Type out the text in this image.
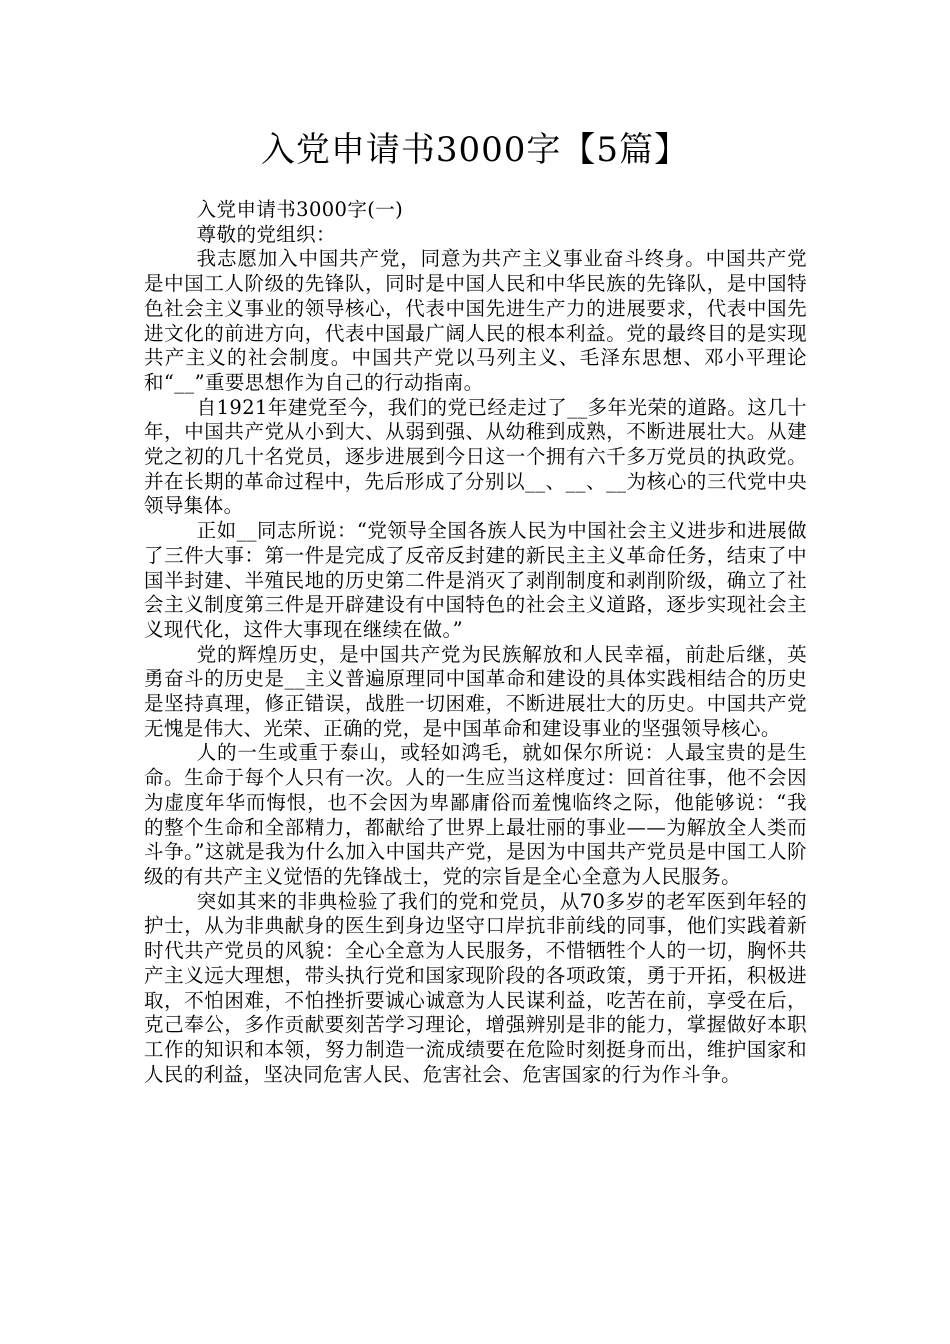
入党申请书3000字【5篇】

入党申请书3000字(一)

尊敬的党组织：

我志愿加入中国共产党，同意为共产主义事业奋斗终身。中国共产党是中国工人阶级的先锋队，同时是中国人民和中华民族的先锋队，是中国特色社会主义事业的领导核心，代表中国先进生产力的进展要求，代表中国先进文化的前进方向，代表中国最广阔人民的根本利益。党的最终目的是实现共产主义的社会制度。中国共产党以马列主义、毛泽东思想、邓小平理论和“__”重要思想作为自己的行动指南。

自1921年建党至今，我们的党已经走过了__多年光荣的道路。这几十年，中国共产党从小到大、从弱到强、从幼稚到成熟，不断进展壮大。从建党之初的几十名党员，逐步进展到今日这一个拥有六千多万党员的执政党。并在长期的革命过程中，先后形成了分别以__、__、__为核心的三代党中央领导集体。

正如__同志所说：“党领导全国各族人民为中国社会主义进步和进展做了三件大事：第一件是完成了反帝反封建的新民主主义革命任务，结束了中国半封建、半殖民地的历史第二件是消灭了剥削制度和剥削阶级，确立了社会主义制度第三件是开辟建设有中国特色的社会主义道路，逐步实现社会主义现代化，这件大事现在继续在做。”

党的辉煌历史，是中国共产党为民族解放和人民幸福，前赴后继，英勇奋斗的历史是__主义普遍原理同中国革命和建设的具体实践相结合的历史是坚持真理，修正错误，战胜一切困难，不断进展壮大的历史。中国共产党无愧是伟大、光荣、正确的党，是中国革命和建设事业的坚强领导核心。

人的一生或重于泰山，或轻如鸿毛，就如保尔所说：人最宝贵的是生命。生命于每个人只有一次。人的一生应当这样度过：回首往事，他不会因为虚度年华而悔恨，也不会因为卑鄙庸俗而羞愧临终之际，他能够说：“我的整个生命和全部精力，都献给了世界上最壮丽的事业——为解放全人类而斗争。”这就是我为什么加入中国共产党，是因为中国共产党员是中国工人阶级的有共产主义觉悟的先锋战士，党的宗旨是全心全意为人民服务。

突如其来的非典检验了我们的党和党员，从70多岁的老军医到年轻的护士，从为非典献身的医生到身边坚守口岸抗非前线的同事，他们实践着新时代共产党员的风貌：全心全意为人民服务，不惜牺牲个人的一切，胸怀共产主义远大理想，带头执行党和国家现阶段的各项政策，勇于开拓，积极进取，不怕困难，不怕挫折要诚心诚意为人民谋利益，吃苦在前，享受在后，克己奉公，多作贡献要刻苦学习理论，增强辨别是非的能力，掌握做好本职工作的知识和本领，努力制造一流成绩要在危险时刻挺身而出，维护国家和人民的利益，坚决同危害人民、危害社会、危害国家的行为作斗争。
